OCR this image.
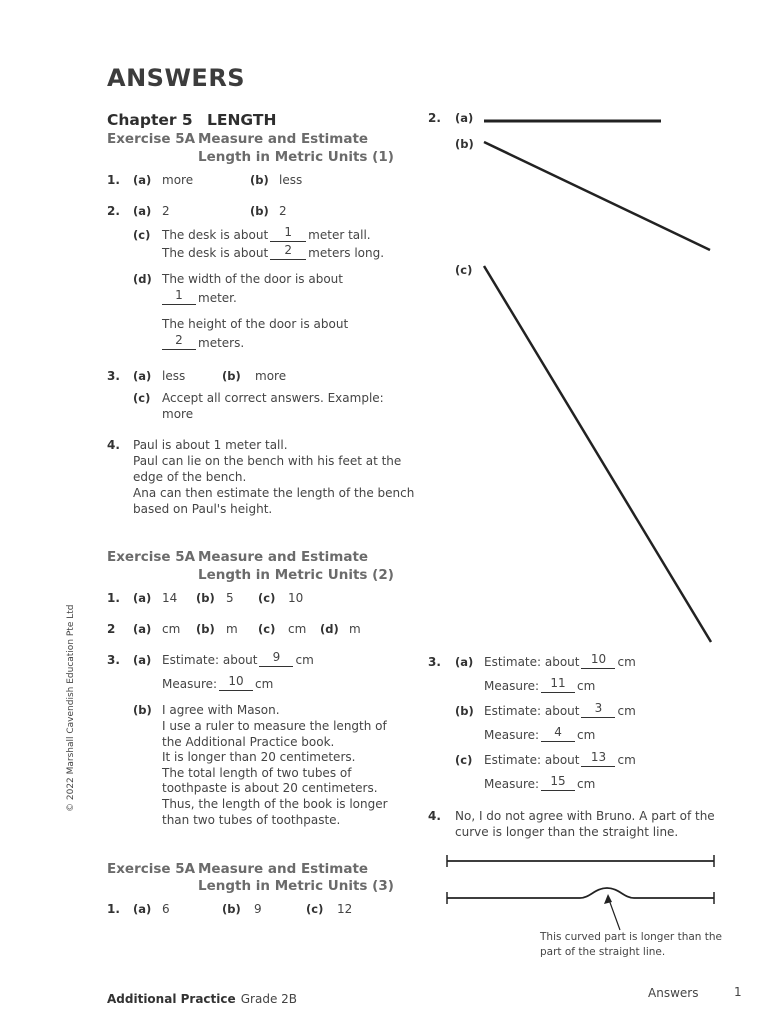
ANSWERS
Chapter 5 LENGTH
Exercise 5A Measure and Estimate
Length in Metric Units (1)
1. (a) more	(b) less
2. (a) 2	(b) 2
(c) The desk is about 1 meter tall.
The desk is about 2 meters long.
(d) The width of the door is about
1 meter.
The height of the door is about
2 meters.
3. (a) less	(b) more
(c) Accept all correct answers. Example:
more
4. Paul is about 1 meter tall.
Paul can lie on the bench with his feet at the
edge of the bench.
Ana can then estimate the length of the bench
based on Paul's height.
Exercise 5A Measure and Estimate
Length in Metric Units (2)
1. (a) 14 (b) 5 (c) 10
2 (a) cm (b) m (c) cm (d) m
3. (a) Estimate: about 9 cm
Measure: 10 cm
(b) I agree with Mason.
I use a ruler to measure the length of
the Additional Practice book.
It is longer than 20 centimeters.
The total length of two tubes of
toothpaste is about 20 centimeters.
Thus, the length of the book is longer
than two tubes of toothpaste.
Exercise 5A Measure and Estimate
Length in Metric Units (3)
1. (a) 6	(b) 9	(c) 12
2. (a)
(b)
(c)
3. (a) Estimate: about 10 cm
Measure: 11 cm
(b) Estimate: about 3 cm
Measure: 4 cm
(c) Estimate: about 13 cm
Measure: 15 cm
4. No, I do not agree with Bruno. A part of the
curve is longer than the straight line.
This curved part is longer than the
part of the straight line.
© 2022 Marshall Cavendish Education Pte Ltd
Additional Practice Grade 2B	Answers	1
